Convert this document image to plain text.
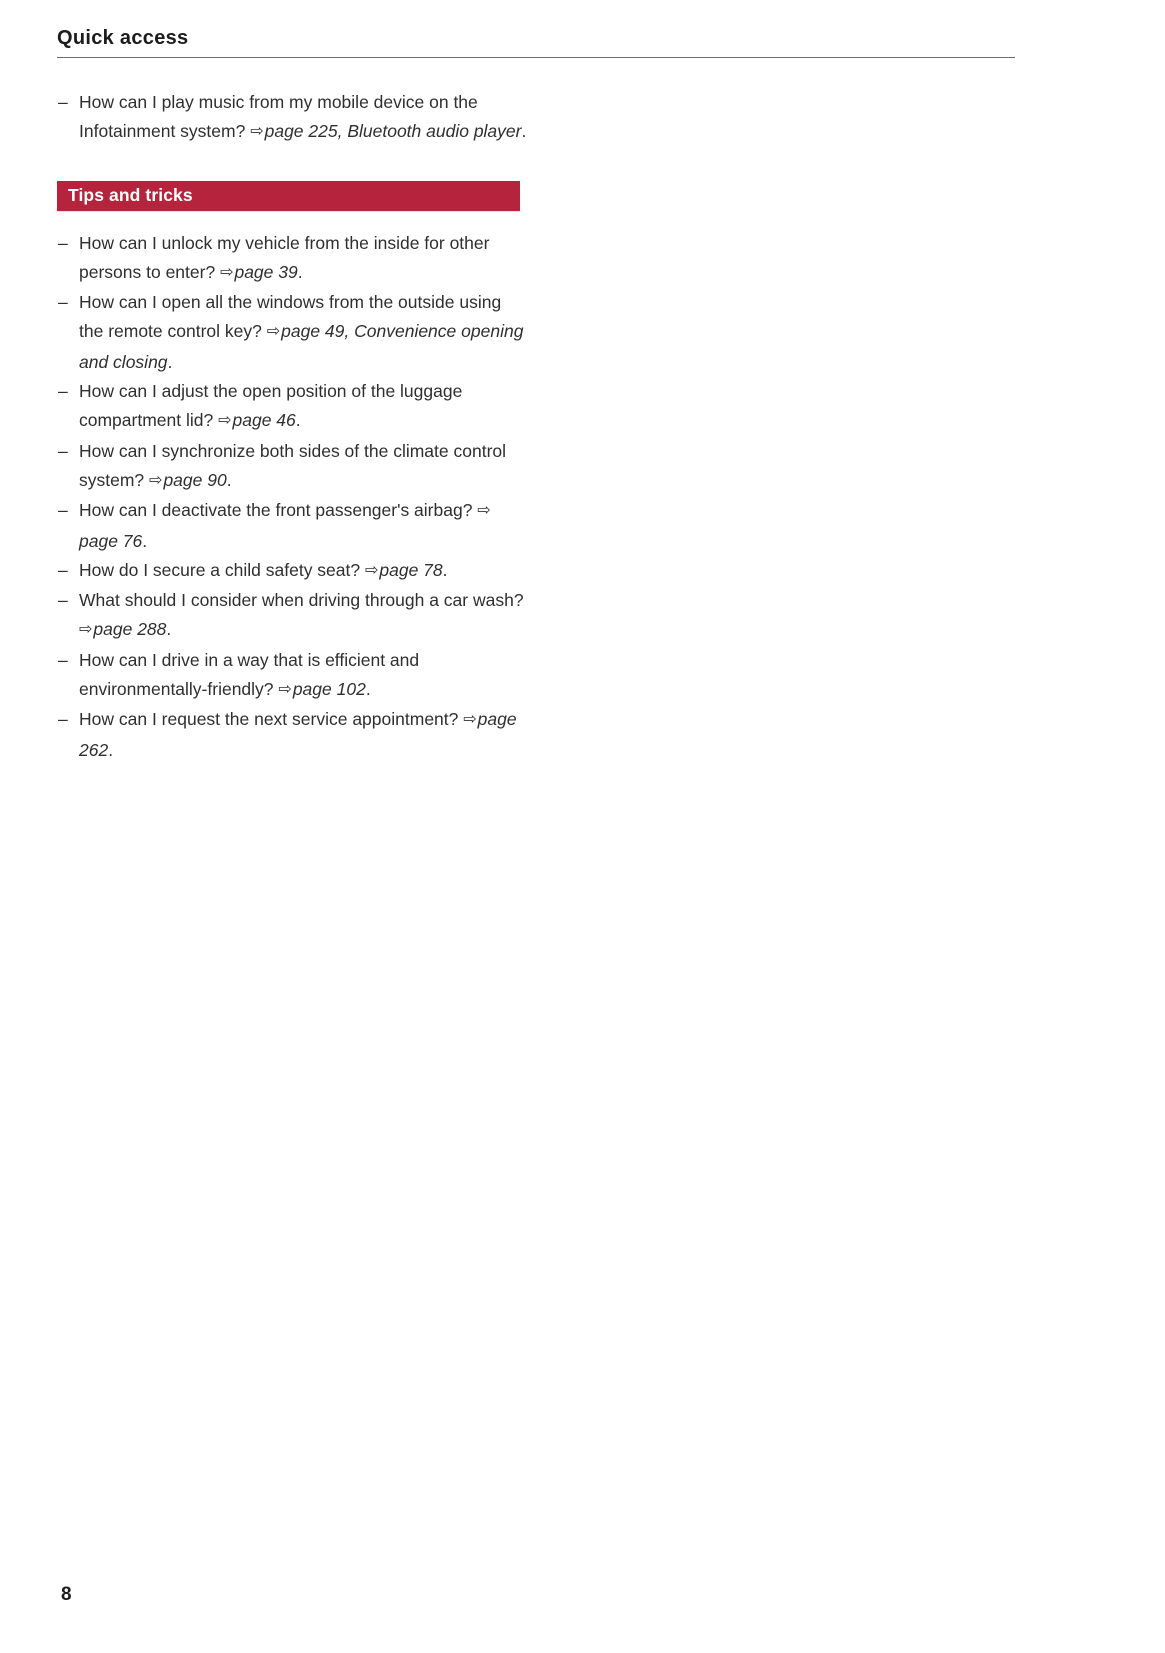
Quick access
– How can I play music from my mobile device on the Infotainment system? ⇨page 225, Bluetooth audio player.
Tips and tricks
– How can I unlock my vehicle from the inside for other persons to enter? ⇨page 39.
– How can I open all the windows from the outside using the remote control key? ⇨page 49, Convenience opening and closing.
– How can I adjust the open position of the luggage compartment lid? ⇨page 46.
– How can I synchronize both sides of the climate control system? ⇨page 90.
– How can I deactivate the front passenger's airbag? ⇨page 76.
– How do I secure a child safety seat? ⇨page 78.
– What should I consider when driving through a car wash? ⇨page 288.
– How can I drive in a way that is efficient and environmentally-friendly? ⇨page 102.
– How can I request the next service appointment? ⇨page 262.
8
